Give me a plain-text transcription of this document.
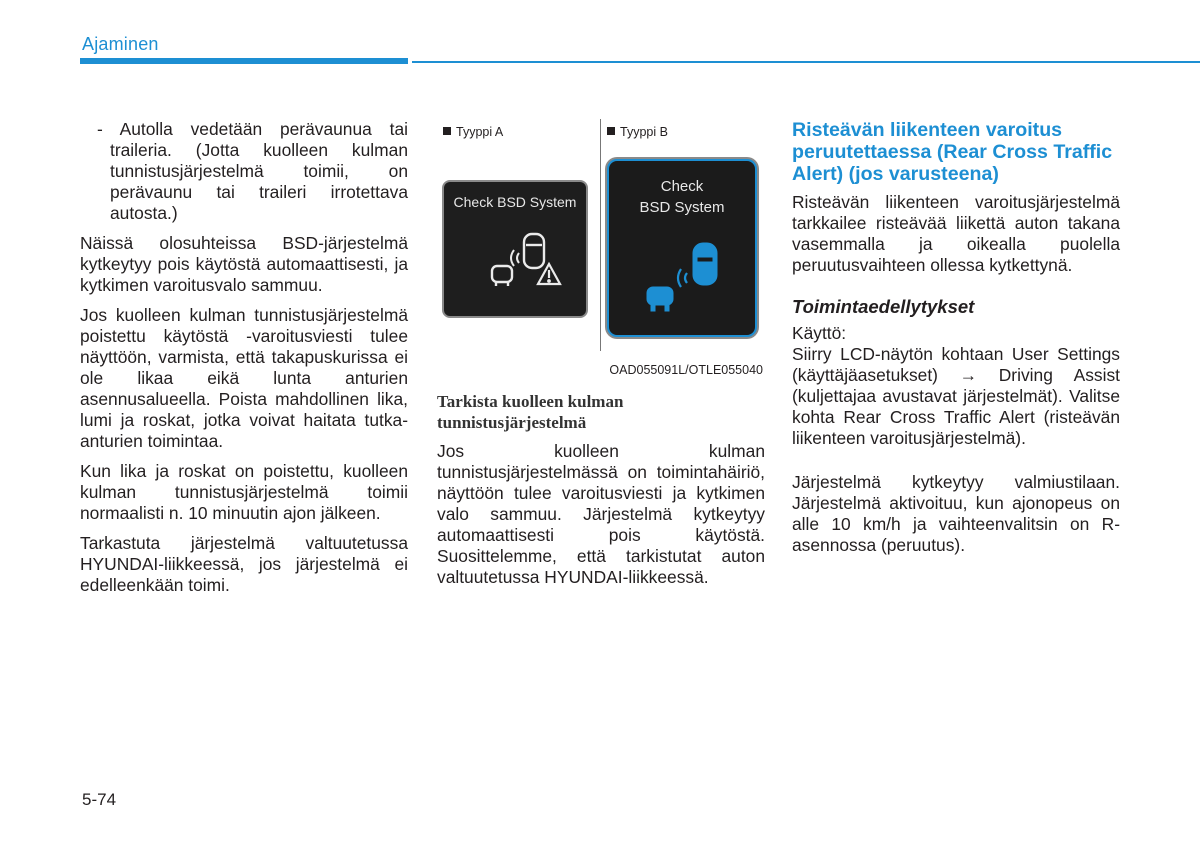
Ajaminen

- Autolla vedetään perävaunua tai traileria. (Jotta kuolleen kulman tunnistusjärjestelmä toimii, on perävaunu tai traileri irrotettava autosta.)

Näissä olosuhteissa BSD-järjestelmä kytkeytyy pois käytöstä automaattisesti, ja kytkimen varoitusvalo sammuu.

Jos kuolleen kulman tunnistusjärjestelmä poistettu käytöstä -varoitusviesti tulee näyttöön, varmista, että takapuskurissa ei ole likaa eikä lunta anturien asennusalueella. Poista mahdollinen lika, lumi ja roskat, jotka voivat haitata tutka-anturien toimintaa.

Kun lika ja roskat on poistettu, kuolleen kulman tunnistusjärjestelmä toimii normaalisti n. 10 minuutin ajon jälkeen.

Tarkastuta järjestelmä valtuutetussa HYUNDAI-liikkeessä, jos järjestelmä ei edelleenkään toimi.

Tyyppi A	Tyyppi B
Check BSD System
Check
BSD System
OAD055091L/OTLE055040

Tarkista kuolleen kulman tunnistusjärjestelmä

Jos kuolleen kulman tunnistusjärjestelmässä on toimintahäiriö, näyttöön tulee varoitusviesti ja kytkimen valo sammuu. Järjestelmä kytkeytyy automaattisesti pois käytöstä. Suosittelemme, että tarkistutat auton valtuutetussa HYUNDAI-liikkeessä.

Risteävän liikenteen varoitus peruutettaessa (Rear Cross Traffic Alert) (jos varusteena)

Risteävän liikenteen varoitusjärjestelmä tarkkailee risteävää liikettä auton takana vasemmalla ja oikealla puolella peruutusvaihteen ollessa kytkettynä.

Toimintaedellytykset

Käyttö:

Siirry LCD-näytön kohtaan User Settings (käyttäjäasetukset) → Driving Assist (kuljettajaa avustavat järjestelmät). Valitse kohta Rear Cross Traffic Alert (risteävän liikenteen varoitusjärjestelmä).

Järjestelmä kytkeytyy valmiustilaan. Järjestelmä aktivoituu, kun ajonopeus on alle 10 km/h ja vaihteenvalitsin on R-asennossa (peruutus).

5-74
